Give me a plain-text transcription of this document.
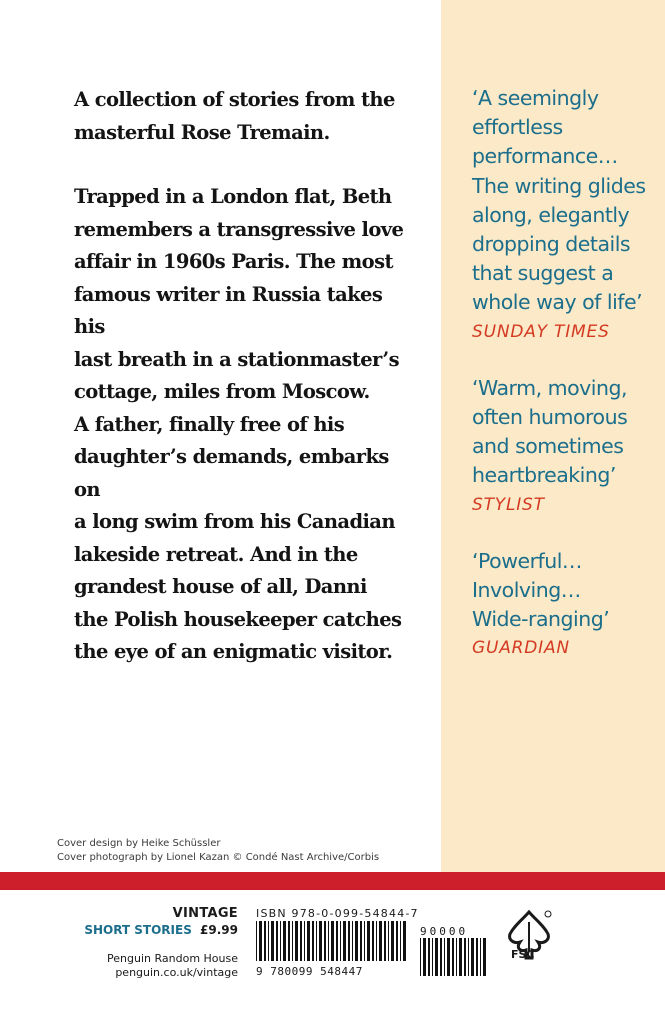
A collection of stories from the masterful Rose Tremain.

Trapped in a London flat, Beth
remembers a transgressive love
affair in 1960s Paris. The most
famous writer in Russia takes his
last breath in a stationmaster’s
cottage, miles from Moscow.
A father, finally free of his
daughter’s demands, embarks on
a long swim from his Canadian
lakeside retreat. And in the
grandest house of all, Danni
the Polish housekeeper catches
the eye of an enigmatic visitor.

‘A seemingly
effortless
performance…
The writing glides
along, elegantly
dropping details
that suggest a
whole way of life’
SUNDAY TIMES
‘Warm, moving,
often humorous
and sometimes
heartbreaking’
STYLIST
‘Powerful…
Involving…
Wide-ranging’
GUARDIAN
Cover design by Heike Schüssler
Cover photograph by Lionel Kazan © Condé Nast Archive/Corbis
VINTAGE
SHORT STORIES £9.99
Penguin Random House
penguin.co.uk/vintage
ISBN 978-0-099-54844-7
9 780099 548447
90000
FSC
